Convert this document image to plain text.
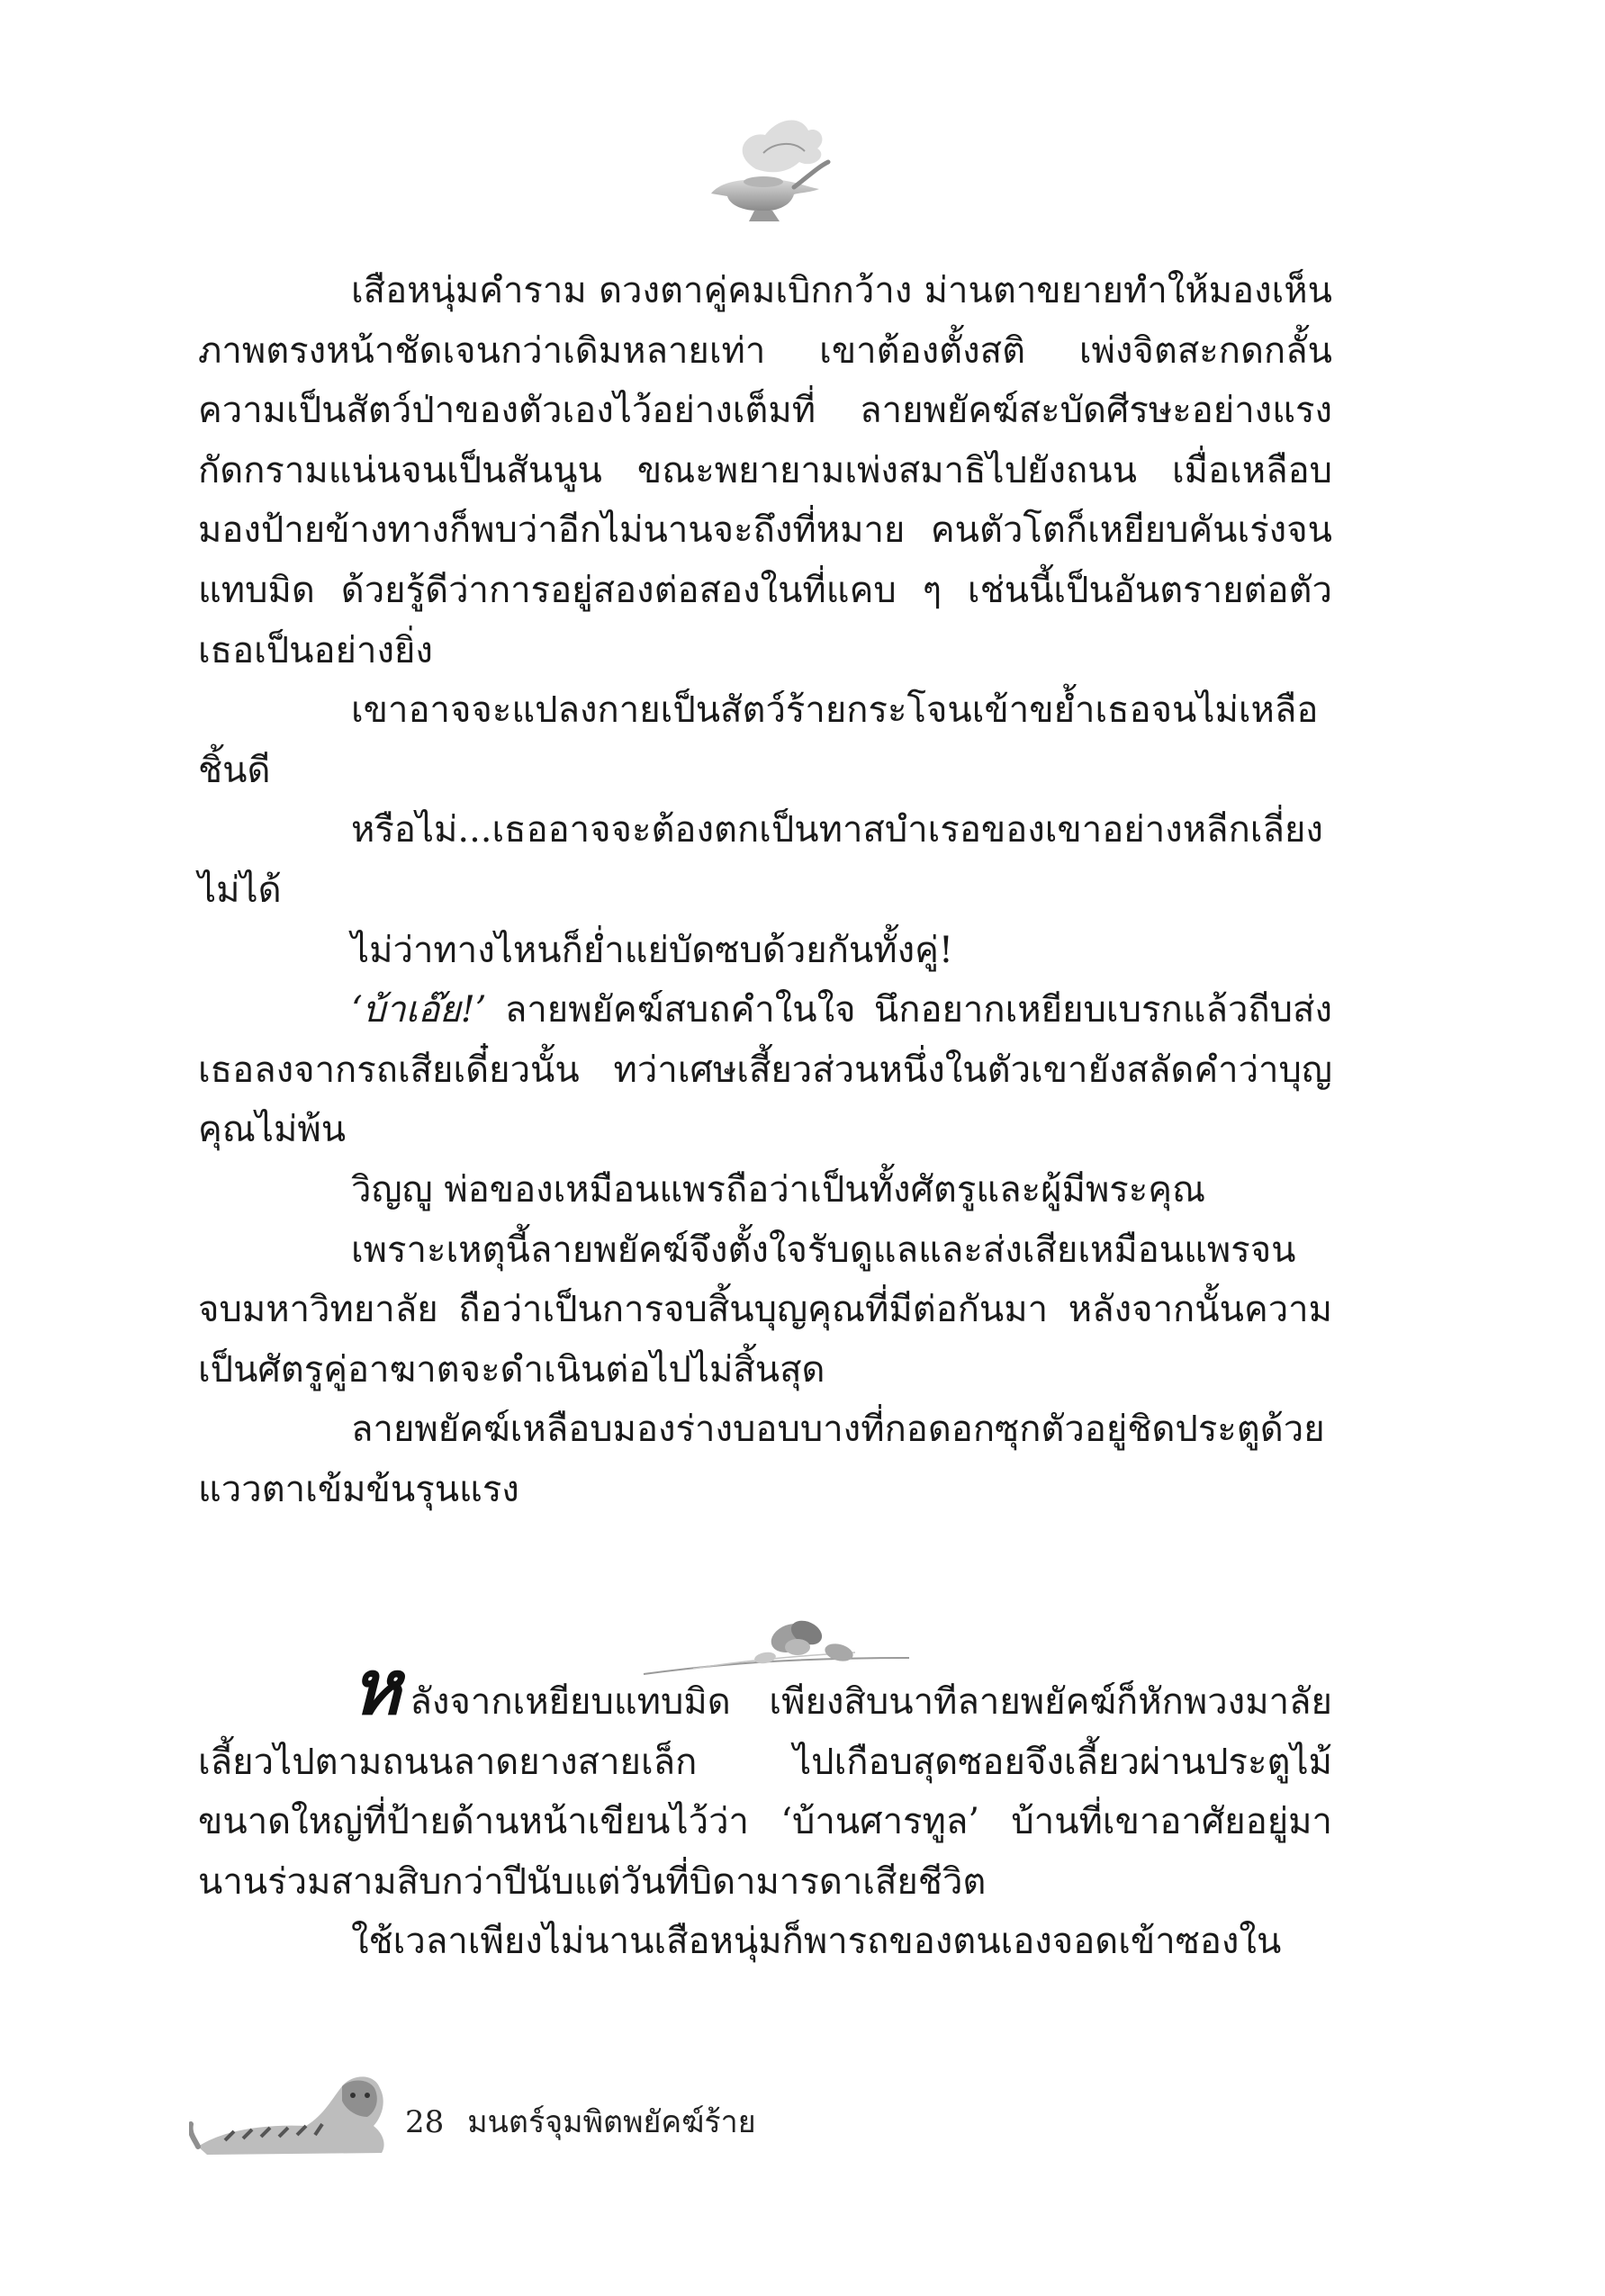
เสือหนุ่มคำราม ดวงตาคู่คมเบิกกว้าง ม่านตาขยายทำให้มองเห็นภาพตรงหน้าชัดเจนกว่าเดิมหลายเท่า เขาต้องตั้งสติ เพ่งจิตสะกดกลั้นความเป็นสัตว์ป่าของตัวเองไว้อย่างเต็มที่ ลายพยัคฆ์สะบัดศีรษะอย่างแรงกัดกรามแน่นจนเป็นสันนูน ขณะพยายามเพ่งสมาธิไปยังถนน เมื่อเหลือบมองป้ายข้างทางก็พบว่าอีกไม่นานจะถึงที่หมาย คนตัวโตก็เหยียบคันเร่งจนแทบมิด ด้วยรู้ดีว่าการอยู่สองต่อสองในที่แคบ ๆ เช่นนี้เป็นอันตรายต่อตัวเธอเป็นอย่างยิ่ง

เขาอาจจะแปลงกายเป็นสัตว์ร้ายกระโจนเข้าขย้ำเธอจนไม่เหลือชิ้นดี

หรือไม่...เธออาจจะต้องตกเป็นทาสบำเรอของเขาอย่างหลีกเลี่ยงไม่ได้

ไม่ว่าทางไหนก็ย่ำแย่บัดซบด้วยกันทั้งคู่!

‘บ้าเอ๊ย!’ ลายพยัคฆ์สบถคำในใจ นึกอยากเหยียบเบรกแล้วถีบส่งเธอลงจากรถเสียเดี๋ยวนั้น ทว่าเศษเสี้ยวส่วนหนึ่งในตัวเขายังสลัดคำว่าบุญคุณไม่พ้น

วิญญู พ่อของเหมือนแพรถือว่าเป็นทั้งศัตรูและผู้มีพระคุณ

เพราะเหตุนี้ลายพยัคฆ์จึงตั้งใจรับดูแลและส่งเสียเหมือนแพรจนจบมหาวิทยาลัย ถือว่าเป็นการจบสิ้นบุญคุณที่มีต่อกันมา หลังจากนั้นความเป็นศัตรูคู่อาฆาตจะดำเนินต่อไปไม่สิ้นสุด

ลายพยัคฆ์เหลือบมองร่างบอบบางที่กอดอกซุกตัวอยู่ชิดประตูด้วยแววตาเข้มข้นรุนแรง

หลังจากเหยียบแทบมิด เพียงสิบนาทีลายพยัคฆ์ก็หักพวงมาลัยเลี้ยวไปตามถนนลาดยางสายเล็ก ไปเกือบสุดซอยจึงเลี้ยวผ่านประตูไม้ขนาดใหญ่ที่ป้ายด้านหน้าเขียนไว้ว่า ‘บ้านศารทูล’ บ้านที่เขาอาศัยอยู่มานานร่วมสามสิบกว่าปีนับแต่วันที่บิดามารดาเสียชีวิต

ใช้เวลาเพียงไม่นานเสือหนุ่มก็พารถของตนเองจอดเข้าซองใน

28 มนตร์จุมพิตพยัคฆ์ร้าย
